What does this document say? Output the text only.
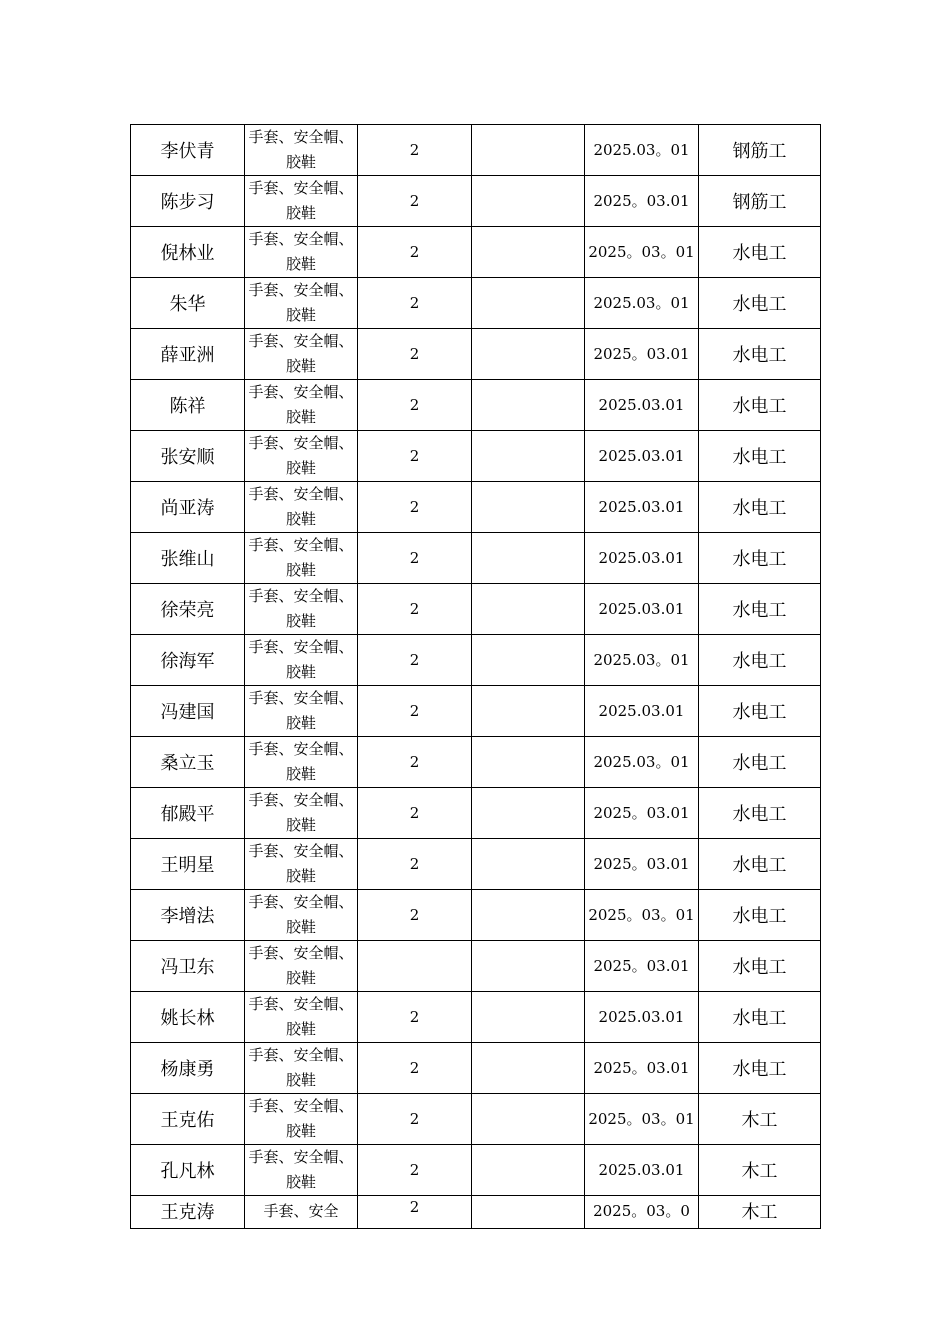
李伏青	手套、安全帽、胶鞋	2		2025.03。01	钢筋工
陈步习	手套、安全帽、胶鞋	2		2025。03.01	钢筋工
倪林业	手套、安全帽、胶鞋	2		2025。03。01	水电工
朱华	手套、安全帽、胶鞋	2		2025.03。01	水电工
薛亚洲	手套、安全帽、胶鞋	2		2025。03.01	水电工
陈祥	手套、安全帽、胶鞋	2		2025.03.01	水电工
张安顺	手套、安全帽、胶鞋	2		2025.03.01	水电工
尚亚涛	手套、安全帽、胶鞋	2		2025.03.01	水电工
张维山	手套、安全帽、胶鞋	2		2025.03.01	水电工
徐荣亮	手套、安全帽、胶鞋	2		2025.03.01	水电工
徐海军	手套、安全帽、胶鞋	2		2025.03。01	水电工
冯建国	手套、安全帽、胶鞋	2		2025.03.01	水电工
桑立玉	手套、安全帽、胶鞋	2		2025.03。01	水电工
郁殿平	手套、安全帽、胶鞋	2		2025。03.01	水电工
王明星	手套、安全帽、胶鞋	2		2025。03.01	水电工
李增法	手套、安全帽、胶鞋	2		2025。03。01	水电工
冯卫东	手套、安全帽、胶鞋			2025。03.01	水电工
姚长林	手套、安全帽、胶鞋	2		2025.03.01	水电工
杨康勇	手套、安全帽、胶鞋	2		2025。03.01	水电工
王克佑	手套、安全帽、胶鞋	2		2025。03。01	木工
孔凡林	手套、安全帽、胶鞋	2		2025.03.01	木工
王克涛	手套、安全	2		2025。03。0	木工
